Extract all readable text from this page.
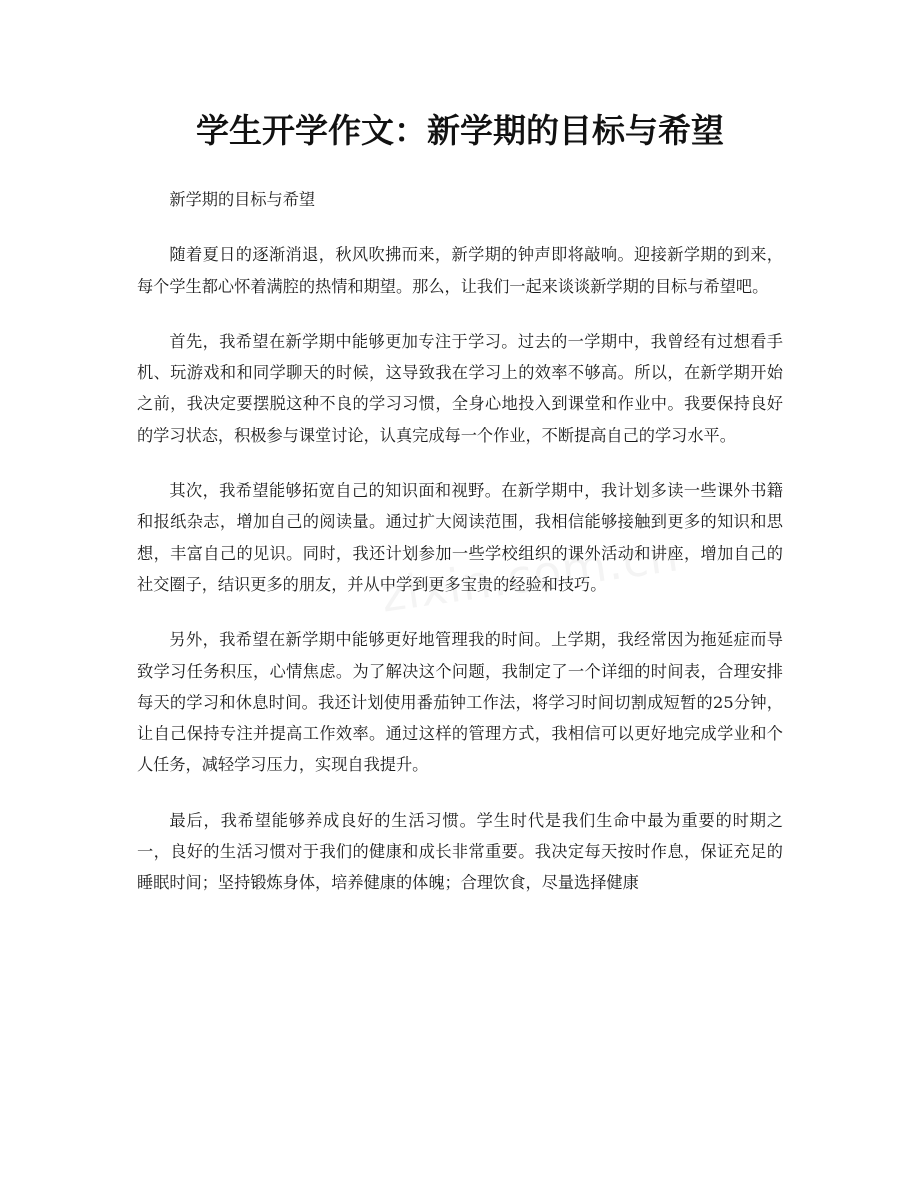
学生开学作文：新学期的目标与希望

新学期的目标与希望

随着夏日的逐渐消退，秋风吹拂而来，新学期的钟声即将敲响。迎接新学期的到来，每个学生都心怀着满腔的热情和期望。那么，让我们一起来谈谈新学期的目标与希望吧。

首先，我希望在新学期中能够更加专注于学习。过去的一学期中，我曾经有过想看手机、玩游戏和和同学聊天的时候，这导致我在学习上的效率不够高。所以，在新学期开始之前，我决定要摆脱这种不良的学习习惯，全身心地投入到课堂和作业中。我要保持良好的学习状态，积极参与课堂讨论，认真完成每一个作业，不断提高自己的学习水平。

其次，我希望能够拓宽自己的知识面和视野。在新学期中，我计划多读一些课外书籍和报纸杂志，增加自己的阅读量。通过扩大阅读范围，我相信能够接触到更多的知识和思想，丰富自己的见识。同时，我还计划参加一些学校组织的课外活动和讲座，增加自己的社交圈子，结识更多的朋友，并从中学到更多宝贵的经验和技巧。

另外，我希望在新学期中能够更好地管理我的时间。上学期，我经常因为拖延症而导致学习任务积压，心情焦虑。为了解决这个问题，我制定了一个详细的时间表，合理安排每天的学习和休息时间。我还计划使用番茄钟工作法，将学习时间切割成短暂的25分钟，让自己保持专注并提高工作效率。通过这样的管理方式，我相信可以更好地完成学业和个人任务，减轻学习压力，实现自我提升。

最后，我希望能够养成良好的生活习惯。学生时代是我们生命中最为重要的时期之一，良好的生活习惯对于我们的健康和成长非常重要。我决定每天按时作息，保证充足的睡眠时间；坚持锻炼身体，培养健康的体魄；合理饮食，尽量选择健康
